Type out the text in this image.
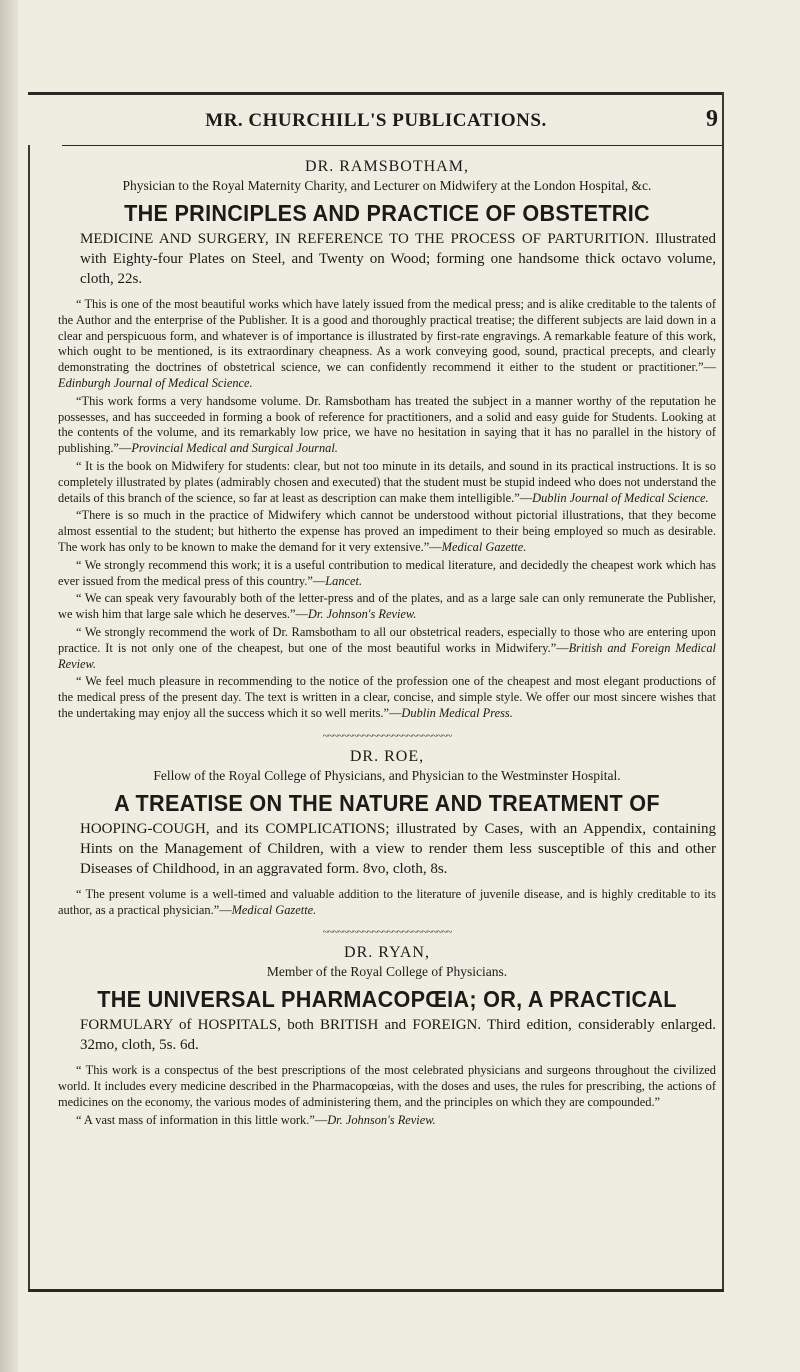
MR. CHURCHILL'S PUBLICATIONS.	9
DR. RAMSBOTHAM,
Physician to the Royal Maternity Charity, and Lecturer on Midwifery at the London Hospital, &c.
THE PRINCIPLES AND PRACTICE OF OBSTETRIC
MEDICINE AND SURGERY, IN REFERENCE TO THE PROCESS OF PARTURITION. Illustrated with Eighty-four Plates on Steel, and Twenty on Wood; forming one handsome thick octavo volume, cloth, 22s.

“ This is one of the most beautiful works which have lately issued from the medical press; and is alike creditable to the talents of the Author and the enterprise of the Publisher. It is a good and thoroughly practical treatise; the different subjects are laid down in a clear and perspicuous form, and whatever is of importance is illustrated by first-rate engravings. A remarkable feature of this work, which ought to be mentioned, is its extraordinary cheapness. As a work conveying good, sound, practical precepts, and clearly demonstrating the doctrines of obstetrical science, we can confidently recommend it either to the student or practitioner.”—Edinburgh Journal of Medical Science.

“This work forms a very handsome volume. Dr. Ramsbotham has treated the subject in a manner worthy of the reputation he possesses, and has succeeded in forming a book of reference for practitioners, and a solid and easy guide for Students. Looking at the contents of the volume, and its remarkably low price, we have no hesitation in saying that it has no parallel in the history of publishing.”—Provincial Medical and Surgical Journal.

“ It is the book on Midwifery for students: clear, but not too minute in its details, and sound in its practical instructions. It is so completely illustrated by plates (admirably chosen and executed) that the student must be stupid indeed who does not understand the details of this branch of the science, so far at least as description can make them intelligible.”—Dublin Journal of Medical Science.

“There is so much in the practice of Midwifery which cannot be understood without pictorial illustrations, that they become almost essential to the student; but hitherto the expense has proved an impediment to their being employed so much as desirable. The work has only to be known to make the demand for it very extensive.”—Medical Gazette.

“ We strongly recommend this work; it is a useful contribution to medical literature, and decidedly the cheapest work which has ever issued from the medical press of this country.”—Lancet.

“ We can speak very favourably both of the letter-press and of the plates, and as a large sale can only remunerate the Publisher, we wish him that large sale which he deserves.”—Dr. Johnson's Review.

“ We strongly recommend the work of Dr. Ramsbotham to all our obstetrical readers, especially to those who are entering upon practice. It is not only one of the cheapest, but one of the most beautiful works in Midwifery.”—British and Foreign Medical Review.

“ We feel much pleasure in recommending to the notice of the profession one of the cheapest and most elegant productions of the medical press of the present day. The text is written in a clear, concise, and simple style. We offer our most sincere wishes that the undertaking may enjoy all the success which it so well merits.”—Dublin Medical Press.

~~~~~~~~~~~~~~~~~~~~~~~~~~
DR. ROE,
Fellow of the Royal College of Physicians, and Physician to the Westminster Hospital.
A TREATISE ON THE NATURE AND TREATMENT OF
HOOPING-COUGH, and its COMPLICATIONS; illustrated by Cases, with an Appendix, containing Hints on the Management of Children, with a view to render them less susceptible of this and other Diseases of Childhood, in an aggravated form. 8vo, cloth, 8s.

“ The present volume is a well-timed and valuable addition to the literature of juvenile disease, and is highly creditable to its author, as a practical physician.”—Medical Gazette.

~~~~~~~~~~~~~~~~~~~~~~~~~~
DR. RYAN,
Member of the Royal College of Physicians.
THE UNIVERSAL PHARMACOPŒIA; OR, A PRACTICAL
FORMULARY of HOSPITALS, both BRITISH and FOREIGN. Third edition, considerably enlarged. 32mo, cloth, 5s. 6d.

“ This work is a conspectus of the best prescriptions of the most celebrated physicians and surgeons throughout the civilized world. It includes every medicine described in the Pharmacopœias, with the doses and uses, the rules for prescribing, the actions of medicines on the economy, the various modes of administering them, and the principles on which they are compounded.”

“ A vast mass of information in this little work.”—Dr. Johnson's Review.
